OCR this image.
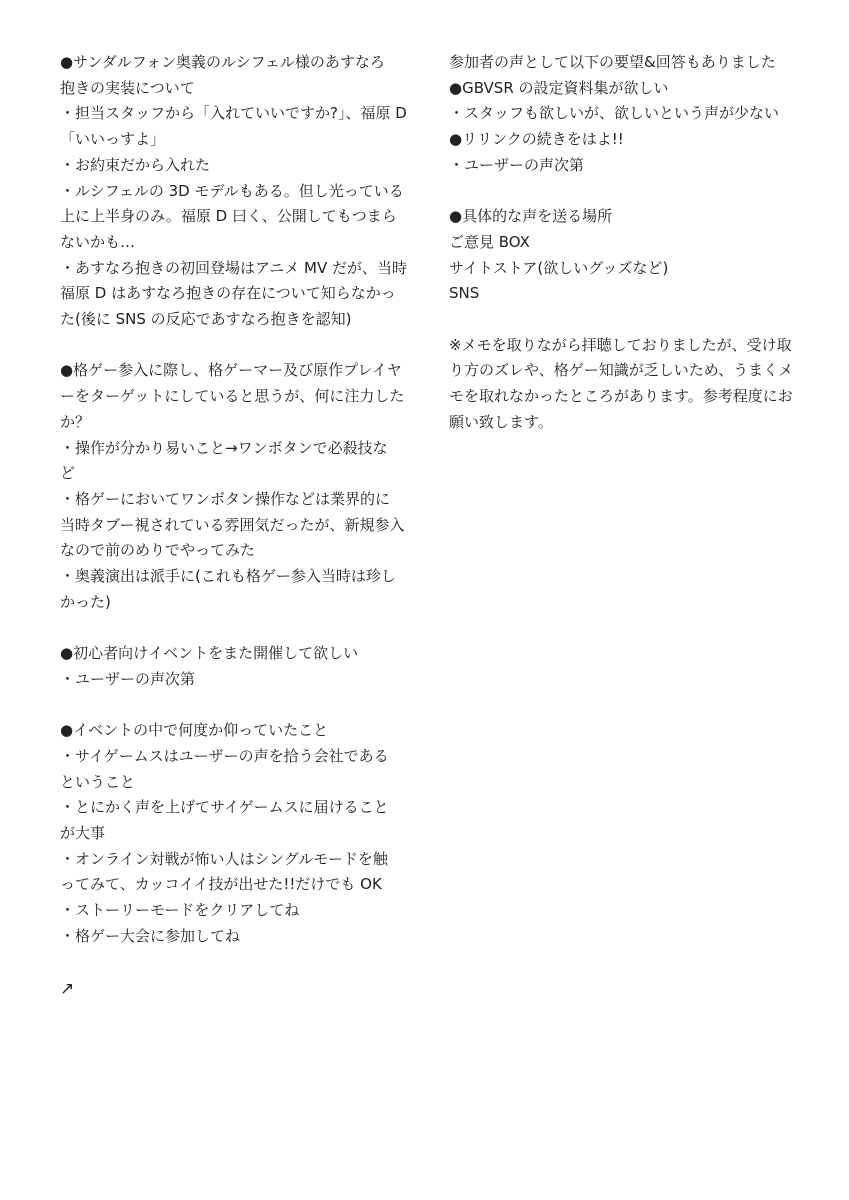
●サンダルフォン奥義のルシフェル様のあすなろ
抱きの実装について
・担当スタッフから「入れていいですか?」、福原 D
「いいっすよ」
・お約束だから入れた
・ルシフェルの 3D モデルもある。但し光っている
上に上半身のみ。福原 D 曰く、公開してもつまら
ないかも…
・あすなろ抱きの初回登場はアニメ MV だが、当時
福原 D はあすなろ抱きの存在について知らなかっ
た(後に SNS の反応であすなろ抱きを認知)
●格ゲー参入に際し、格ゲーマー及び原作プレイヤ
ーをターゲットにしていると思うが、何に注力した
か？
・操作が分かり易いこと→ワンボタンで必殺技な
ど
・格ゲーにおいてワンボタン操作などは業界的に
当時タブー視されている雰囲気だったが、新規参入
なので前のめりでやってみた
・奥義演出は派手に(これも格ゲー参入当時は珍し
かった)
●初心者向けイベントをまた開催して欲しい
・ユーザーの声次第
●イベントの中で何度か仰っていたこと
・サイゲームスはユーザーの声を拾う会社である
ということ
・とにかく声を上げてサイゲームスに届けること
が大事
・オンライン対戦が怖い人はシングルモードを触
ってみて、カッコイイ技が出せた!!だけでも OK
・ストーリーモードをクリアしてね
・格ゲー大会に参加してね
↗
参加者の声として以下の要望&回答もありました
●GBVSR の設定資料集が欲しい
・スタッフも欲しいが、欲しいという声が少ない
●リリンクの続きをはよ!!
・ユーザーの声次第
●具体的な声を送る場所
ご意見 BOX
サイトストア(欲しいグッズなど)
SNS
※メモを取りながら拝聴しておりましたが、受け取
り方のズレや、格ゲー知識が乏しいため、うまくメ
モを取れなかったところがあります。参考程度にお
願い致します。
